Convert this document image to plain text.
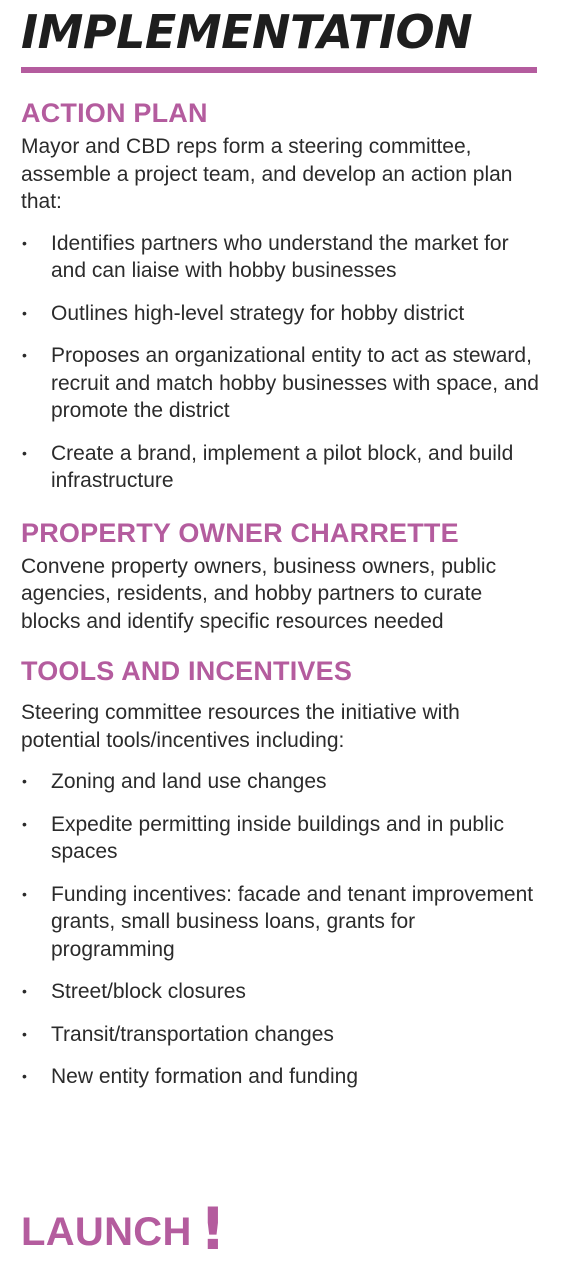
IMPLEMENTATION
ACTION PLAN

Mayor and CBD reps form a steering committee, assemble a project team, and develop an action plan that:

• Identifies partners who understand the market for and can liaise with hobby businesses
• Outlines high-level strategy for hobby district
• Proposes an organizational entity to act as steward, recruit and match hobby businesses with space, and promote the district
• Create a brand, implement a pilot block, and build infrastructure
PROPERTY OWNER CHARRETTE

Convene property owners, business owners, public agencies, residents, and hobby partners to curate blocks and identify specific resources needed

TOOLS AND INCENTIVES

Steering committee resources the initiative with potential tools/incentives including:

• Zoning and land use changes
• Expedite permitting inside buildings and in public spaces
• Funding incentives: facade and tenant improvement grants, small business loans, grants for programming
• Street/block closures
• Transit/transportation changes
• New entity formation and funding
LAUNCH !
